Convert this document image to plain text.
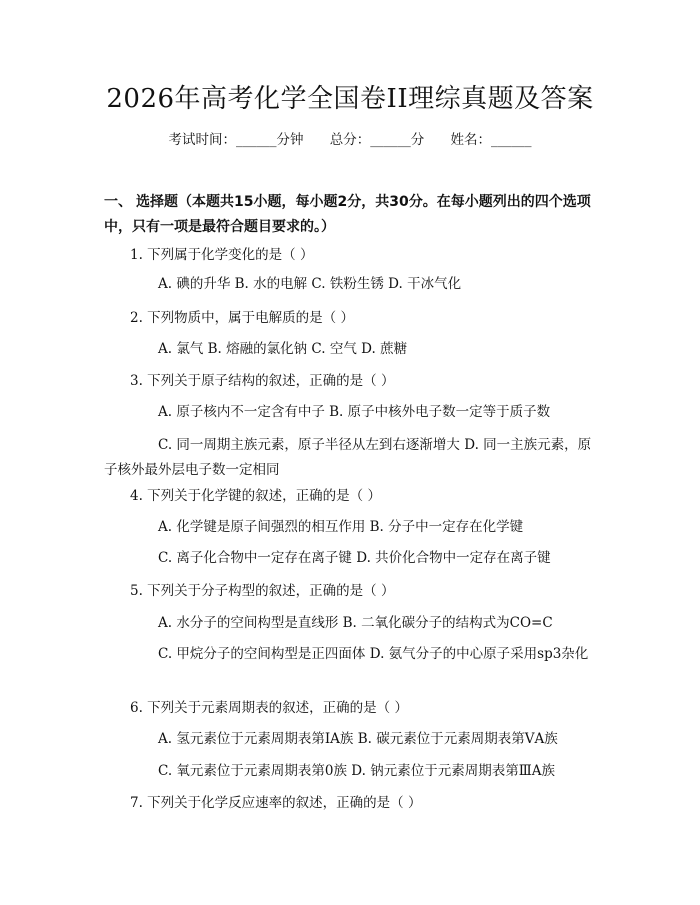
2026年高考化学全国卷II理综真题及答案
考试时间：______分钟 总分：______分 姓名：______
一、 选择题（本题共15小题，每小题2分，共30分。在每小题列出的四个选项中，只有一项是最符合题目要求的。）
1. 下列属于化学变化的是（ ）
A. 碘的升华 B. 水的电解 C. 铁粉生锈 D. 干冰气化
2. 下列物质中，属于电解质的是（ ）
A. 氯气 B. 熔融的氯化钠 C. 空气 D. 蔗糖
3. 下列关于原子结构的叙述，正确的是（ ）
A. 原子核内不一定含有中子 B. 原子中核外电子数一定等于质子数
C. 同一周期主族元素，原子半径从左到右逐渐增大 D. 同一主族元素，原子核外最外层电子数一定相同
4. 下列关于化学键的叙述，正确的是（ ）
A. 化学键是原子间强烈的相互作用 B. 分子中一定存在化学键
C. 离子化合物中一定存在离子键 D. 共价化合物中一定存在离子键
5. 下列关于分子构型的叙述，正确的是（ ）
A. 水分子的空间构型是直线形 B. 二氧化碳分子的结构式为CO=C
C. 甲烷分子的空间构型是正四面体 D. 氨气分子的中心原子采用sp3杂化
6. 下列关于元素周期表的叙述，正确的是（ ）
A. 氢元素位于元素周期表第ⅠA族 B. 碳元素位于元素周期表第ⅤA族
C. 氧元素位于元素周期表第0族 D. 钠元素位于元素周期表第ⅢA族
7. 下列关于化学反应速率的叙述，正确的是（ ）
